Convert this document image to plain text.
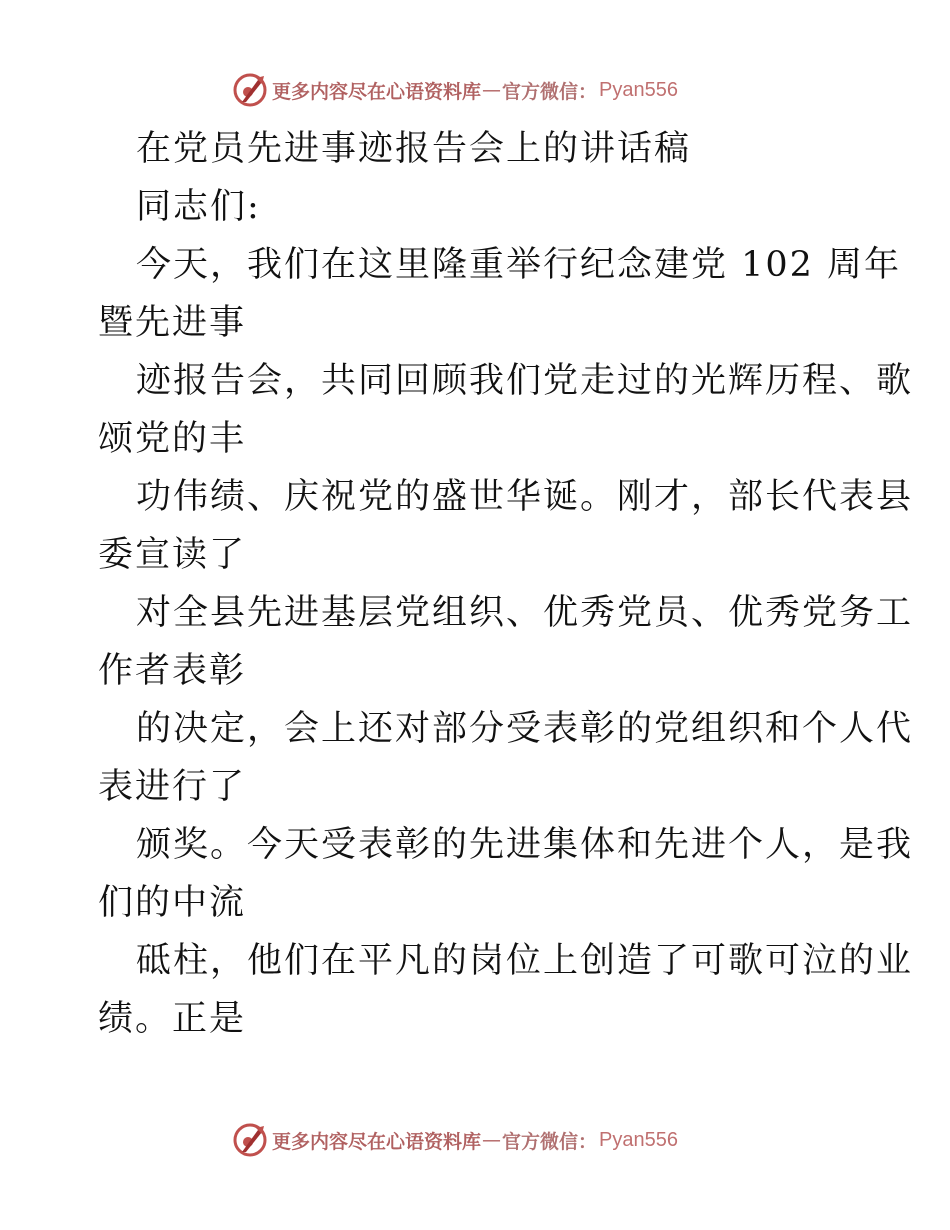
更多内容尽在心语资料库 — 官方微信： Pyan556
在党员先进事迹报告会上的讲话稿
同志们:
今天，我们在这里隆重举行纪念建党 102 周年
暨先进事
迹报告会，共同回顾我们党走过的光辉历程、歌
颂党的丰
功伟绩、庆祝党的盛世华诞。刚才，部长代表县
委宣读了
对全县先进基层党组织、优秀党员、优秀党务工
作者表彰
的决定，会上还对部分受表彰的党组织和个人代
表进行了
颁奖。今天受表彰的先进集体和先进个人，是我
们的中流
砥柱，他们在平凡的岗位上创造了可歌可泣的业
绩。正是
更多内容尽在心语资料库 — 官方微信： Pyan556
